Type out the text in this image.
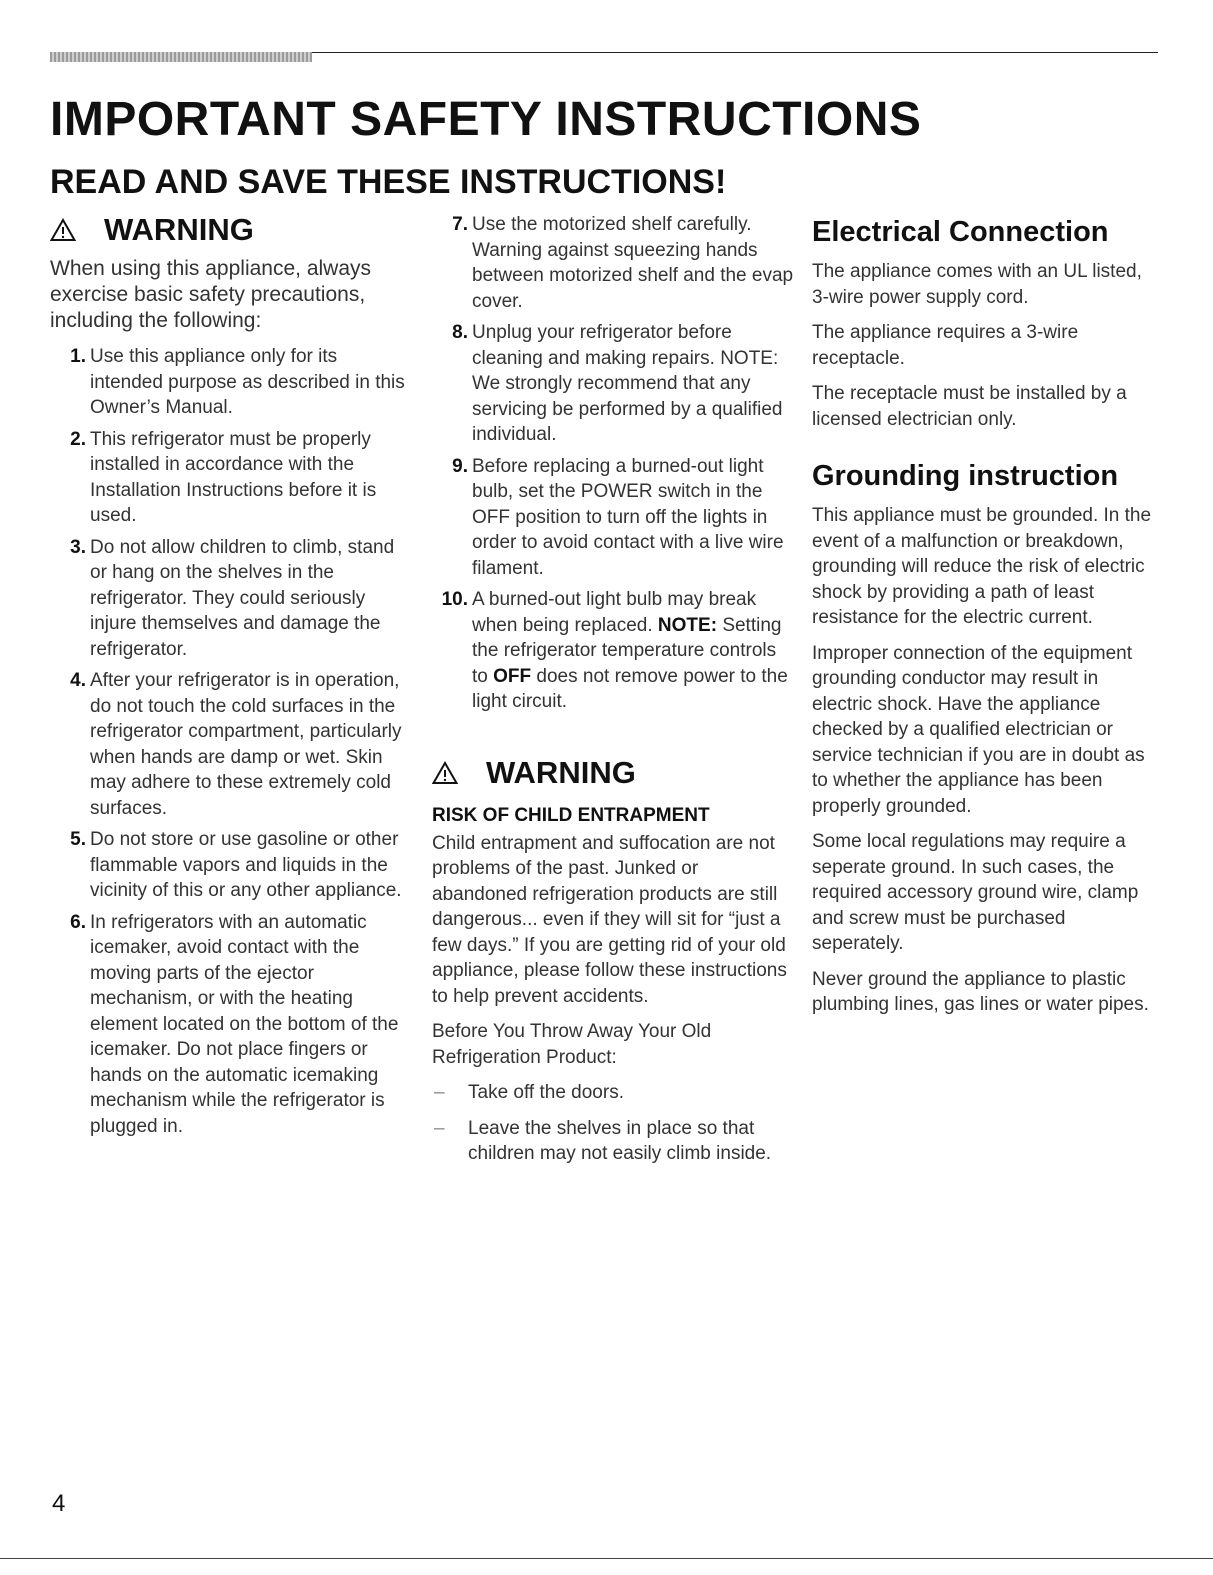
IMPORTANT SAFETY INSTRUCTIONS
READ AND SAVE THESE INSTRUCTIONS!
WARNING

When using this appliance, always exercise basic safety precautions, including the following:

1. Use this appliance only for its intended purpose as described in this Owner’s Manual.
2. This refrigerator must be properly installed in accordance with the Installation Instructions before it is used.
3. Do not allow children to climb, stand or hang on the shelves in the refrigerator. They could seriously injure themselves and damage the refrigerator.
4. After your refrigerator is in operation, do not touch the cold surfaces in the refrigerator compartment, particularly when hands are damp or wet. Skin may adhere to these extremely cold surfaces.
5. Do not store or use gasoline or other flammable vapors and liquids in the vicinity of this or any other appliance.
6. In refrigerators with an automatic icemaker, avoid contact with the moving parts of the ejector mechanism, or with the heating element located on the bottom of the icemaker. Do not place fingers or hands on the automatic icemaking mechanism while the refrigerator is plugged in.
7. Use the motorized shelf carefully. Warning against squeezing hands between motorized shelf and the evap cover.
8. Unplug your refrigerator before cleaning and making repairs. NOTE: We strongly recommend that any servicing be performed by a qualified individual.
9. Before replacing a burned-out light bulb, set the POWER switch in the OFF position to turn off the lights in order to avoid contact with a live wire filament.
10. A burned-out light bulb may break when being replaced. NOTE: Setting the refrigerator temperature controls to OFF does not remove power to the light circuit.
WARNING
RISK OF CHILD ENTRAPMENT

Child entrapment and suffocation are not problems of the past. Junked or abandoned refrigeration products are still dangerous... even if they will sit for “just a few days.” If you are getting rid of your old appliance, please follow these instructions to help prevent accidents.

Before You Throw Away Your Old Refrigeration Product:

– Take off the doors.
– Leave the shelves in place so that children may not easily climb inside.
Electrical Connection

The appliance comes with an UL listed, 3-wire power supply cord.

The appliance requires a 3-wire receptacle.

The receptacle must be installed by a licensed electrician only.

Grounding instruction

This appliance must be grounded. In the event of a malfunction or breakdown, grounding will reduce the risk of electric shock by providing a path of least resistance for the electric current.

Improper connection of the equipment grounding conductor may result in electric shock. Have the appliance checked by a qualified electrician or service technician if you are in doubt as to whether the appliance has been properly grounded.

Some local regulations may require a seperate ground. In such cases, the required accessory ground wire, clamp and screw must be purchased seperately.

Never ground the appliance to plastic plumbing lines, gas lines or water pipes.

4
